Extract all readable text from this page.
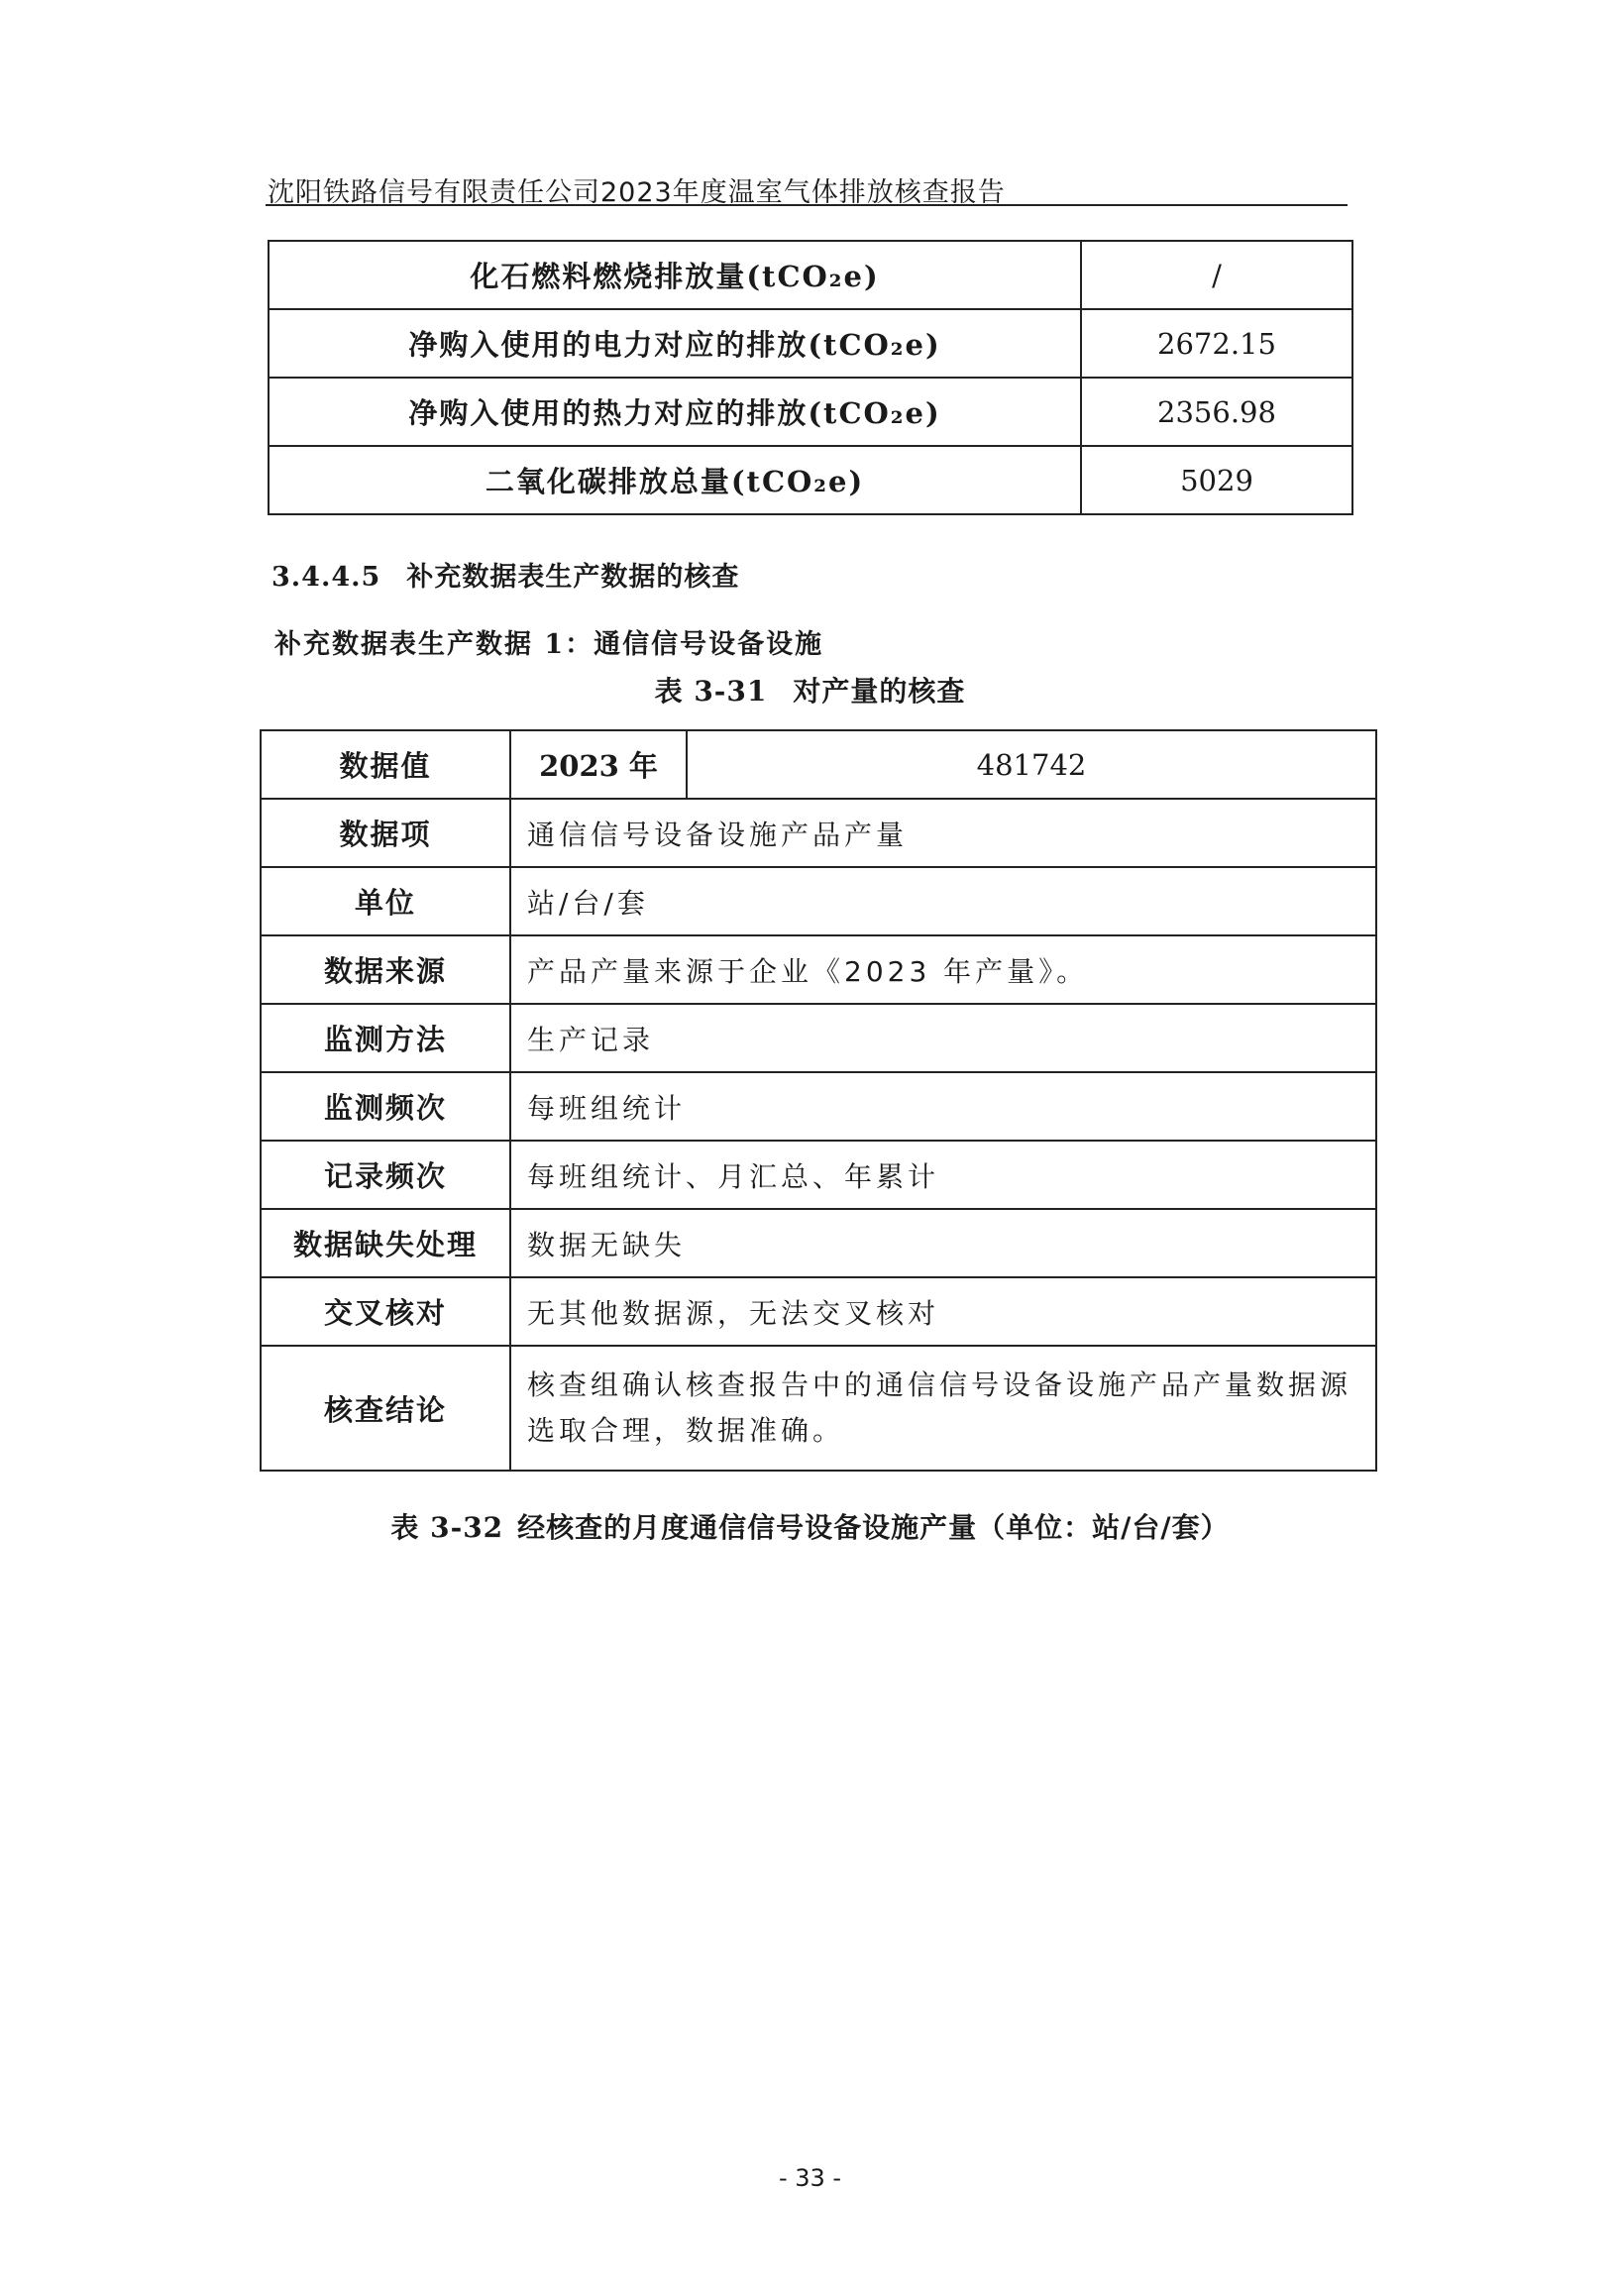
沈阳铁路信号有限责任公司2023年度温室气体排放核查报告
化石燃料燃烧排放量(tCO₂e)	/
净购入使用的电力对应的排放(tCO₂e)	2672.15
净购入使用的热力对应的排放(tCO₂e)	2356.98
二氧化碳排放总量(tCO₂e)	5029
3.4.4.5 补充数据表生产数据的核查
补充数据表生产数据 1：通信信号设备设施
表 3-31 对产量的核查
数据值	2023 年	481742
数据项	通信信号设备设施产品产量	
单位	站/台/套	
数据来源	产品产量来源于企业《2023 年产量》。	
监测方法	生产记录	
监测频次	每班组统计	
记录频次	每班组统计、月汇总、年累计	
数据缺失处理	数据无缺失	
交叉核对	无其他数据源，无法交叉核对	
核查结论	核查组确认核查报告中的通信信号设备设施产品产量数据源选取合理，数据准确。	
表 3-32 经核查的月度通信信号设备设施产量（单位：站/台/套）
- 33 -
